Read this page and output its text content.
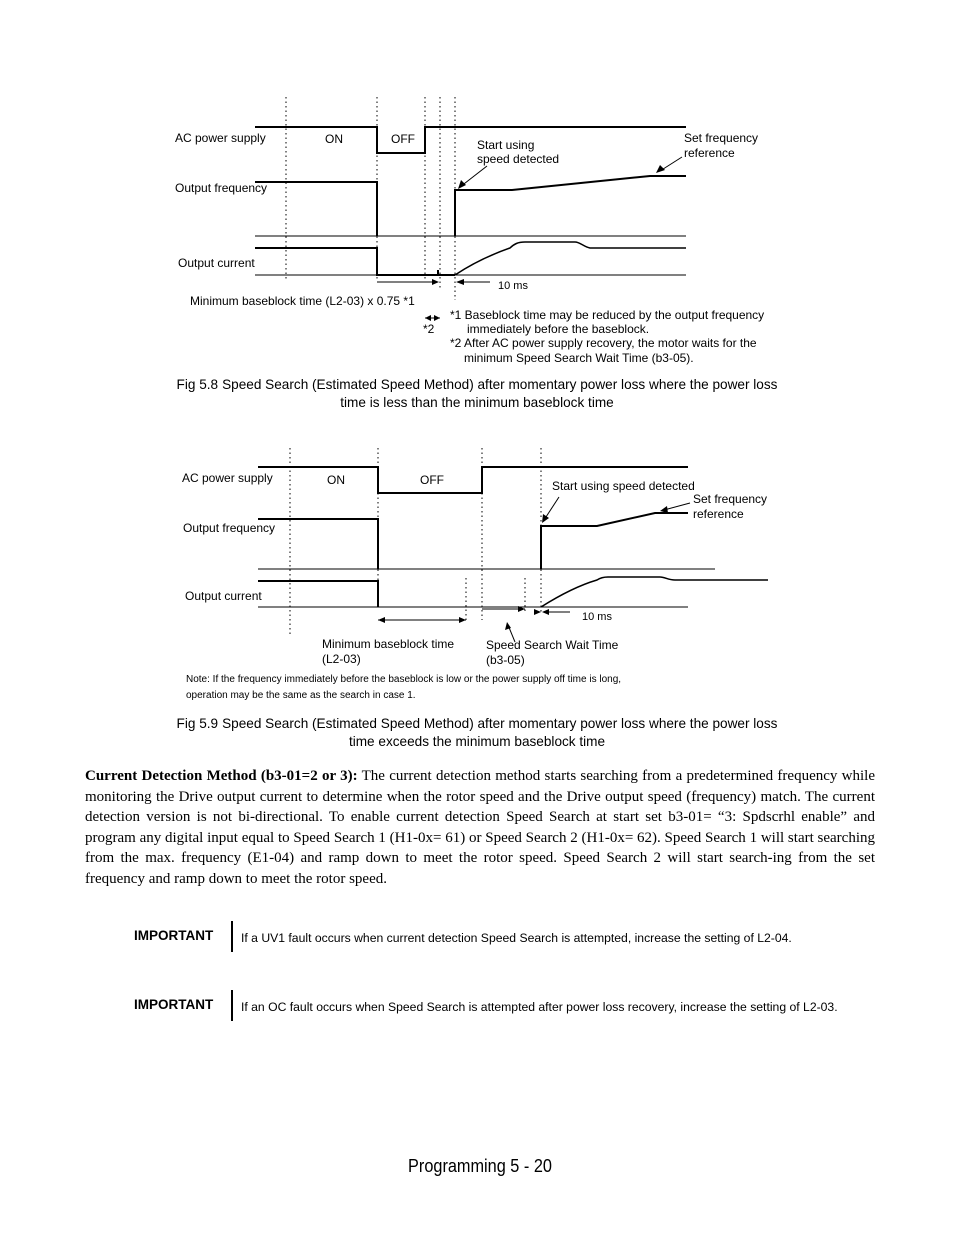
AC power supply
Output frequency
Output current
ON	OFF	Start using
speed detected
Set frequency
reference
10 ms
Minimum baseblock time (L2-03) x 0.75 *1
*2
*1 Baseblock time may be reduced by the output frequency
immediately before the baseblock.
*2 After AC power supply recovery, the motor waits for the
minimum Speed Search Wait Time (b3-05).
Fig 5.8 Speed Search (Estimated Speed Method) after momentary power loss where the power loss
time is less than the minimum baseblock time
AC power supply
Output frequency
Output current
ON	OFF	Start using speed detected
Set frequency
reference
10 ms
Minimum baseblock time
(L2-03)
Speed Search Wait Time
(b3-05)
Note: If the frequency immediately before the baseblock is low or the power supply off time is long,
operation may be the same as the search in case 1.
Fig 5.9 Speed Search (Estimated Speed Method) after momentary power loss where the power loss
time exceeds the minimum baseblock time
Current Detection Method (b3-01=2 or 3): The current detection method starts searching from a predetermined frequency while monitoring the Drive output current to determine when the rotor speed and the Drive output speed (frequency) match. The current detection version is not bi-directional. To enable current detection Speed Search at start set b3-01= “3: Spdscrhl enable” and program any digital input equal to Speed Search 1 (H1-0x= 61) or Speed Search 2 (H1-0x= 62). Speed Search 1 will start searching from the max. frequency (E1-04) and ramp down to meet the rotor speed. Speed Search 2 will start search-ing from the set frequency and ramp down to meet the rotor speed.
IMPORTANT If a UV1 fault occurs when current detection Speed Search is attempted, increase the setting of L2-04.
IMPORTANT If an OC fault occurs when Speed Search is attempted after power loss recovery, increase the setting of L2-03.
Programming 5 - 20
